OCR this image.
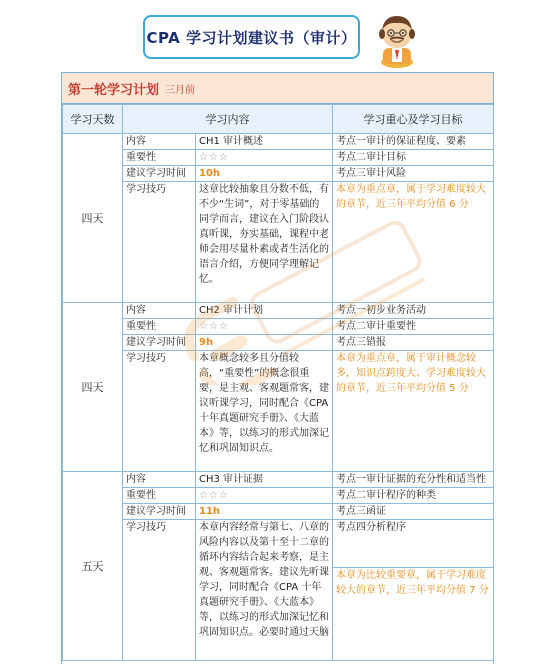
CPA 学习计划建议书（审计）
第一轮学习计划 三月前
学习天数	学习内容		学习重心及学习目标
四天	内容	CH1 审计概述	考点一审计的保证程度、要素
	重要性	☆☆☆	考点二审计目标
	建议学习时间	10h	考点三审计风险
	学习技巧	这章比较抽象且分数不低，有不少“生词”，对于零基础的同学而言，建议在入门阶段认真听课，夯实基础，课程中老师会用尽量朴素或者生活化的语言介绍，方便同学理解记忆。	本章为重点章，属于学习难度较大的章节，近三年平均分值 6 分

四天	内容	CH2 审计计划	考点一初步业务活动
	重要性	☆☆☆	考点二审计重要性
	建议学习时间	9h	考点三错报
	学习技巧	本章概念较多且分值较高，“重要性”的概念很重要，是主观、客观题常客，建议听课学习，同时配合《CPA 十年真题研究手册》、《大蓝本》等，以练习的形式加深记忆和巩固知识点。	本章为重点章，属于审计概念较多，知识点跨度大、学习难度较大的章节，近三年平均分值 5 分

五天	内容	CH3 审计证据	考点一审计证据的充分性和适当性
	重要性	☆☆☆	考点二审计程序的种类
	建议学习时间	11h	考点三函证
	学习技巧	本章内容经常与第七、八章的风险内容以及第十至十二章的循环内容结合起来考察，是主观、客观题常客。建议先听课学习，同时配合《CPA 十年真题研究手册》、《大蓝本》等，以练习的形式加深记忆和巩固知识点。必要时通过天脑	考点四分析程序
			本章为比较重要章，属于学习难度较大的章节，近三年平均分值 7 分
